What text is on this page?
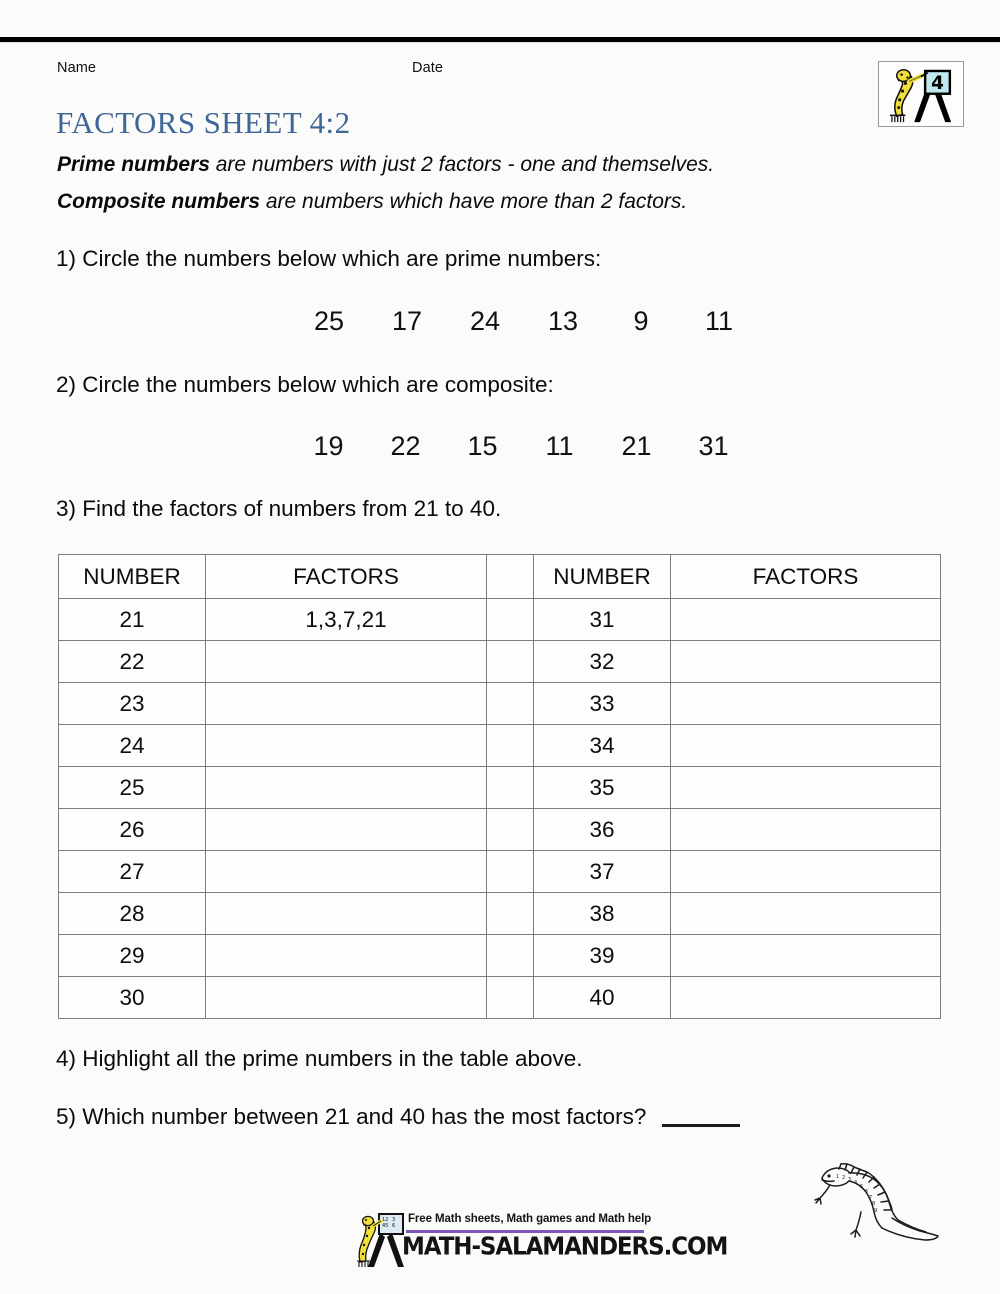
Name	Date
4
FACTORS SHEET 4:2
Prime numbers are numbers with just 2 factors - one and themselves.
Composite numbers are numbers which have more than 2 factors.
1) Circle the numbers below which are prime numbers:
25 17 24 13 9 11
2) Circle the numbers below which are composite:
19 22 15 11 21 31
3) Find the factors of numbers from 21 to 40.
NUMBER	FACTORS		NUMBER	FACTORS
21	1,3,7,21		31	
22			32	
23			33	
24			34	
25			35	
26			36	
27			37	
28			38	
29			39	
30			40	
4) Highlight all the prime numbers in the table above.
5) Which number between 21 and 40 has the most factors?
1 2 3 4
5
6
7
8
9
12 3
45 6
Free Math sheets, Math games and Math help
MATH-SALAMANDERS.COM
